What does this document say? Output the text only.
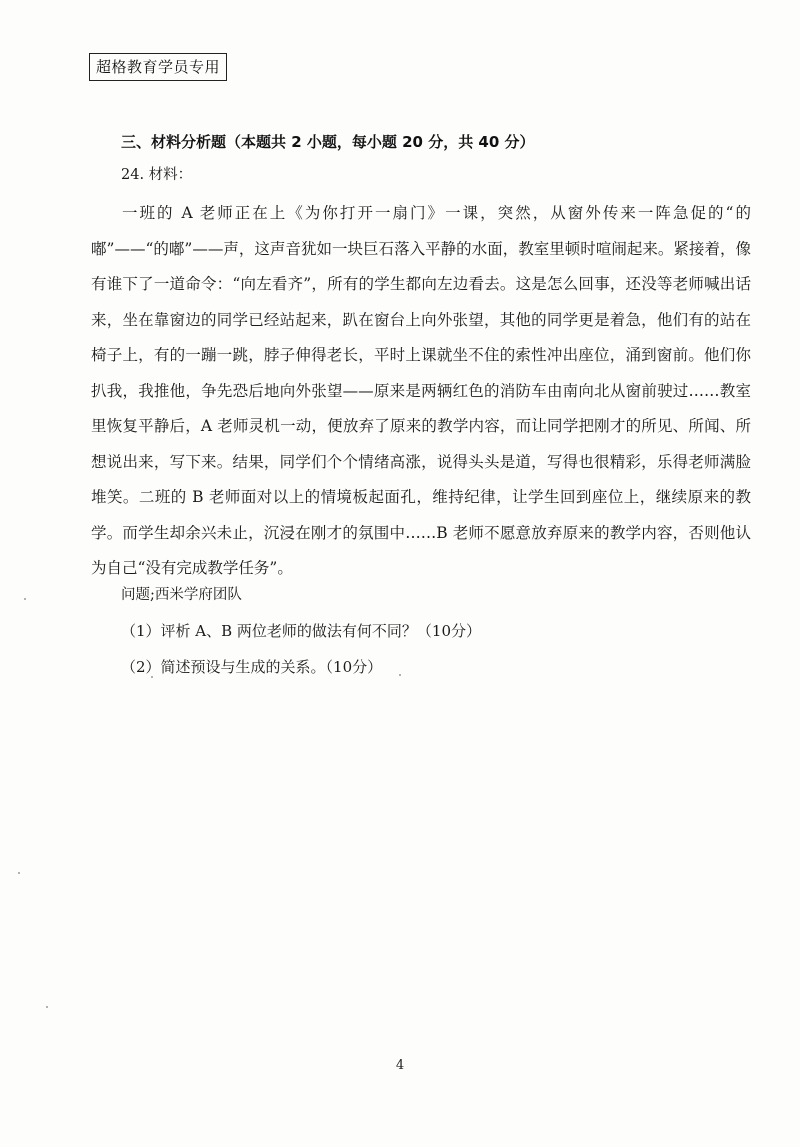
超格教育学员专用
三、材料分析题（本题共 2 小题，每小题 20 分，共 40 分）
24. 材料：

一班的 A 老师正在上《为你打开一扇门》一课，突然，从窗外传来一阵急促的“的嘟”——“的嘟”——声，这声音犹如一块巨石落入平静的水面，教室里顿时喧闹起来。紧接着，像有谁下了一道命令：“向左看齐”，所有的学生都向左边看去。这是怎么回事，还没等老师喊出话来，坐在靠窗边的同学已经站起来，趴在窗台上向外张望，其他的同学更是着急，他们有的站在椅子上，有的一蹦一跳，脖子伸得老长，平时上课就坐不住的索性冲出座位，涌到窗前。他们你扒我，我推他，争先恐后地向外张望——原来是两辆红色的消防车由南向北从窗前驶过……教室里恢复平静后，A 老师灵机一动，便放弃了原来的教学内容，而让同学把刚才的所见、所闻、所想说出来，写下来。结果，同学们个个情绪高涨，说得头头是道，写得也很精彩，乐得老师满脸堆笑。二班的 B 老师面对以上的情境板起面孔，维持纪律，让学生回到座位上，继续原来的教学。而学生却余兴未止，沉浸在刚才的氛围中……B 老师不愿意放弃原来的教学内容，否则他认为自己“没有完成教学任务”。

问题;西米学府团队
（1）评析 A、B 两位老师的做法有何不同？（10分）
（2）简述预设与生成的关系。（10分）
4
